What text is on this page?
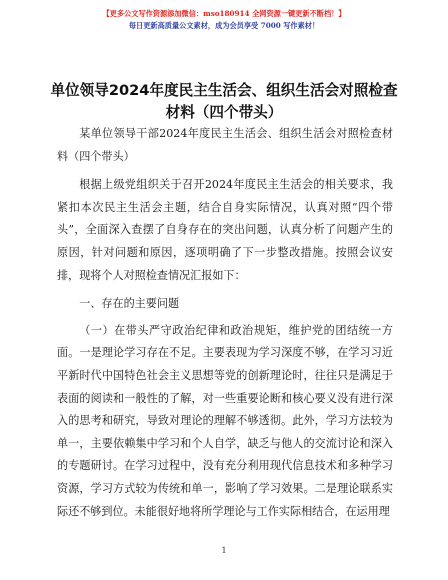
【更多公文写作资源添加微信：mso180914 全网资源一键更新不断档！】
每日更新高质量公文素材，成为会员享受 7000 写作素材！
单位领导2024年度民主生活会、组织生活会对照检查材料（四个带头）

某单位领导干部2024年度民主生活会、组织生活会对照检查材料（四个带头）

根据上级党组织关于召开2024年度民主生活会的相关要求，我紧扣本次民主生活会主题，结合自身实际情况，认真对照“四个带头”，全面深入查摆了自身存在的突出问题，认真分析了问题产生的原因，针对问题和原因，逐项明确了下一步整改措施。按照会议安排，现将个人对照检查情况汇报如下：

一、存在的主要问题

（一）在带头严守政治纪律和政治规矩，维护党的团结统一方面。一是理论学习存在不足。主要表现为学习深度不够，在学习习近平新时代中国特色社会主义思想等党的创新理论时，往往只是满足于表面的阅读和一般性的了解，对一些重要论断和核心要义没有进行深入的思考和研究，导致对理论的理解不够透彻。此外，学习方法较为单一，主要依赖集中学习和个人自学，缺乏与他人的交流讨论和深入的专题研讨。在学习过程中，没有充分利用现代信息技术和多种学习资源，学习方式较为传统和单一，影响了学习效果。二是理论联系实际还不够到位。未能很好地将所学理论与工作实际相结合，在运用理

1
